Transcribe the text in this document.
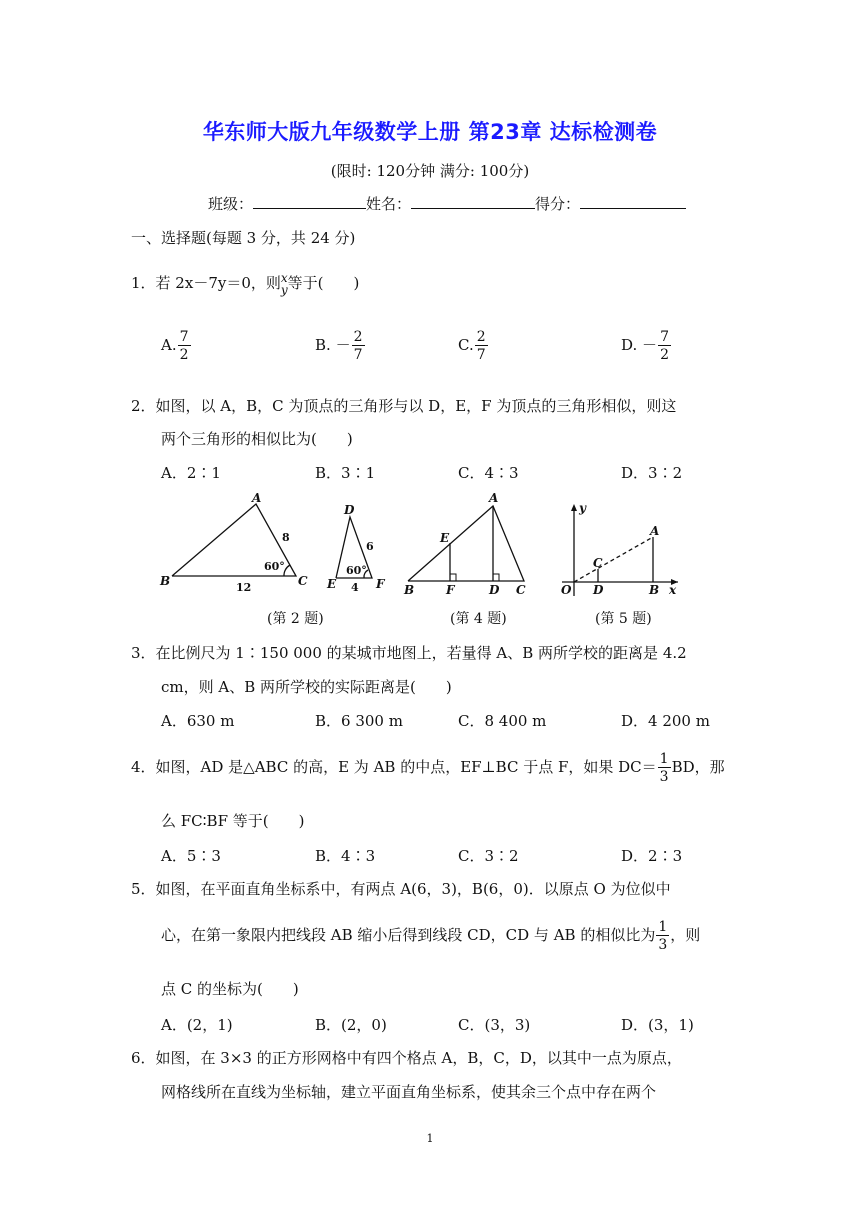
华东师大版九年级数学上册 第23章 达标检测卷
(限时: 120分钟 满分: 100分)
班级：	姓名：	得分：
一、选择题(每题 3 分，共 24 分)
1．若 2x－7y＝0，则 x
y 等于(　　)
A. $\frac{7}{2}$	B. － $\frac{2}{7}$	C. $\frac{2}{7}$	D. － $\frac{7}{2}$
2．如图，以 A，B，C 为顶点的三角形与以 D，E，F 为顶点的三角形相似，则这
两个三角形的相似比为(　　)
A．2∶1	B．3∶1	C．4∶3	D．3∶2
A
B	C
D
E	F
A
E
B	F	D C
y
A
C
O D	B x
8
12
60°
6
4
60°
(第 2 题)	(第 4 题)	(第 5 题)
3．在比例尺为 1∶150 000 的某城市地图上，若量得 A、B 两所学校的距离是 4.2
cm，则 A、B 两所学校的实际距离是(　　)
A．630 m	B．6 300 m	C．8 400 m	D．4 200 m
4．如图，AD 是△ABC 的高，E 为 AB 的中点，EF⊥BC 于点 F，如果 $DC= \frac{1}{3}$ BD，那
么 FC∶BF 等于(　　)
A．5∶3	B．4∶3	C．3∶2	D．2∶3
5．如图，在平面直角坐标系中，有两点 A(6，3)，B(6，0)．以原点 O 为位似中
心，在第一象限内把线段 AB 缩小后得到线段 CD，CD 与 AB 的相似比为 $\frac{1}{3}$ ，则
点 C 的坐标为(　　)
A．(2，1)	B．(2，0)	C．(3，3)	D．(3，1)
6．如图，在 3×3 的正方形网格中有四个格点 A，B，C，D，以其中一点为原点，
网格线所在直线为坐标轴，建立平面直角坐标系，使其余三个点中存在两个
1
